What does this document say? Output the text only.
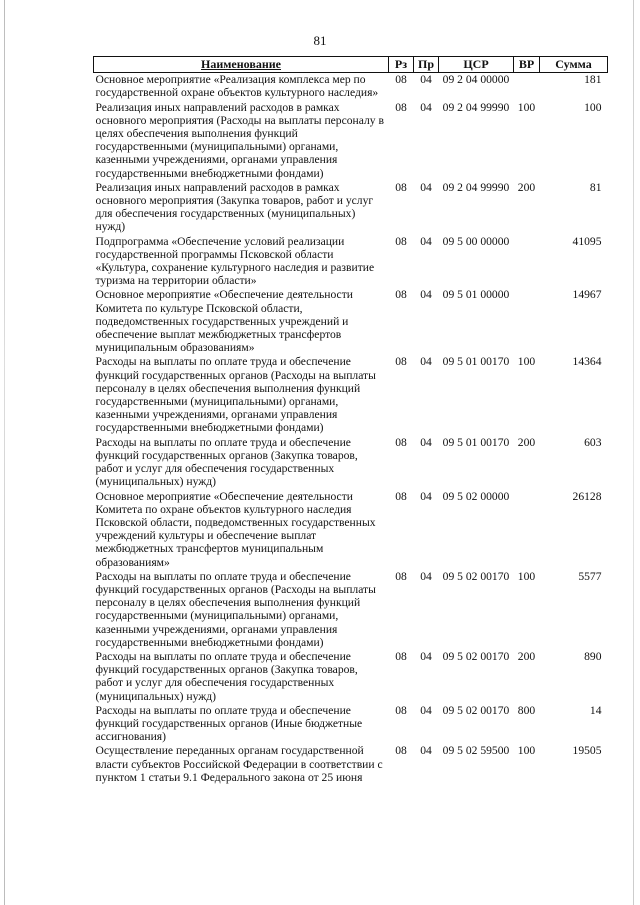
81
Наименование	Рз	Пр	ЦСР	ВР	Сумма
Основное мероприятие «Реализация комплекса мер по государственной охране объектов культурного наследия»	08	04	09 2 04 00000		181
Реализация иных направлений расходов в рамках основного мероприятия (Расходы на выплаты персоналу в целях обеспечения выполнения функций государственными (муниципальными) органами, казенными учреждениями, органами управления государственными внебюджетными фондами)	08	04	09 2 04 99990	100	100
Реализация иных направлений расходов в рамках основного мероприятия (Закупка товаров, работ и услуг для обеспечения государственных (муниципальных) нужд)	08	04	09 2 04 99990	200	81
Подпрограмма «Обеспечение условий реализации государственной программы Псковской области «Культура, сохранение культурного наследия и развитие туризма на территории области»	08	04	09 5 00 00000		41095
Основное мероприятие «Обеспечение деятельности Комитета по культуре Псковской области, подведомственных государственных учреждений и обеспечение выплат межбюджетных трансфертов муниципальным образованиям»	08	04	09 5 01 00000		14967
Расходы на выплаты по оплате труда и обеспечение функций государственных органов (Расходы на выплаты персоналу в целях обеспечения выполнения функций государственными (муниципальными) органами, казенными учреждениями, органами управления государственными внебюджетными фондами)	08	04	09 5 01 00170	100	14364
Расходы на выплаты по оплате труда и обеспечение функций государственных органов (Закупка товаров, работ и услуг для обеспечения государственных (муниципальных) нужд)	08	04	09 5 01 00170	200	603
Основное мероприятие «Обеспечение деятельности Комитета по охране объектов культурного наследия Псковской области, подведомственных государственных учреждений культуры и обеспечение выплат межбюджетных трансфертов муниципальным образованиям»	08	04	09 5 02 00000		26128
Расходы на выплаты по оплате труда и обеспечение функций государственных органов (Расходы на выплаты персоналу в целях обеспечения выполнения функций государственными (муниципальными) органами, казенными учреждениями, органами управления государственными внебюджетными фондами)	08	04	09 5 02 00170	100	5577
Расходы на выплаты по оплате труда и обеспечение функций государственных органов (Закупка товаров, работ и услуг для обеспечения государственных (муниципальных) нужд)	08	04	09 5 02 00170	200	890
Расходы на выплаты по оплате труда и обеспечение функций государственных органов (Иные бюджетные ассигнования)	08	04	09 5 02 00170	800	14
Осуществление переданных органам государственной власти субъектов Российской Федерации в соответствии с пунктом 1 статьи 9.1 Федерального закона от 25 июня	08	04	09 5 02 59500	100	19505
